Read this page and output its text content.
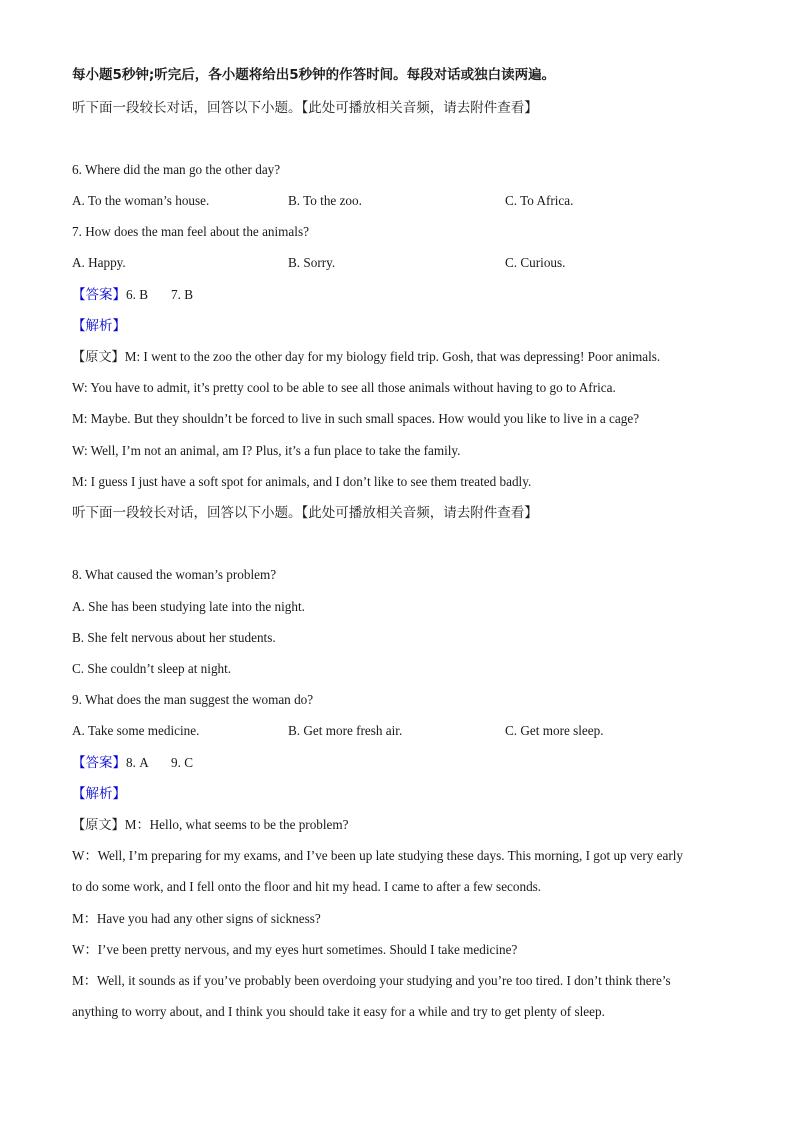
每小题5秒钟;听完后，各小题将给出5秒钟的作答时间。每段对话或独白读两遍。
听下面一段较长对话，回答以下小题。【此处可播放相关音频，请去附件查看】
6. Where did the man go the other day?
A. To the woman’s house.	B. To the zoo.	C. To Africa.
7. How does the man feel about the animals?
A. Happy.	B. Sorry.	C. Curious.
【答案】6. B       7. B
【解析】
【原文】M: I went to the zoo the other day for my biology field trip. Gosh, that was depressing! Poor animals.
W: You have to admit, it’s pretty cool to be able to see all those animals without having to go to Africa.
M: Maybe. But they shouldn’t be forced to live in such small spaces. How would you like to live in a cage?
W: Well, I’m not an animal, am I? Plus, it’s a fun place to take the family.
M: I guess I just have a soft spot for animals, and I don’t like to see them treated badly.
听下面一段较长对话，回答以下小题。【此处可播放相关音频，请去附件查看】
8. What caused the woman’s problem?
A. She has been studying late into the night.
B. She felt nervous about her students.
C. She couldn’t sleep at night.
9. What does the man suggest the woman do?
A. Take some medicine.	B. Get more fresh air.	C. Get more sleep.
【答案】8. A       9. C
【解析】
【原文】M：Hello, what seems to be the problem?
W：Well, I’m preparing for my exams, and I’ve been up late studying these days. This morning, I got up very early
to do some work, and I fell onto the floor and hit my head. I came to after a few seconds.
M：Have you had any other signs of sickness?
W：I’ve been pretty nervous, and my eyes hurt sometimes. Should I take medicine?
M：Well, it sounds as if you’ve probably been overdoing your studying and you’re too tired. I don’t think there’s
anything to worry about, and I think you should take it easy for a while and try to get plenty of sleep.
